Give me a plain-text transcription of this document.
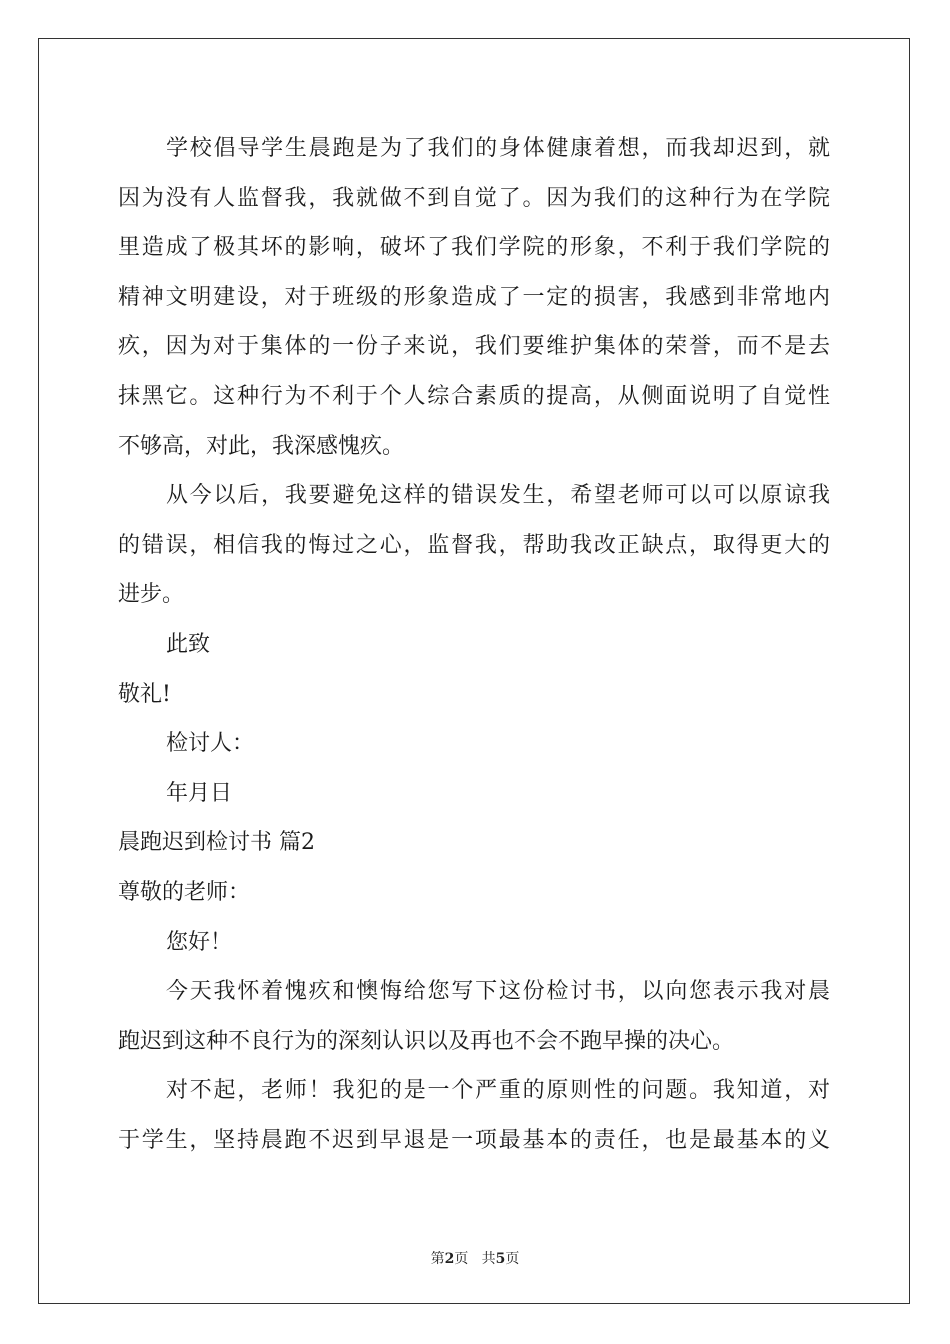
学校倡导学生晨跑是为了我们的身体健康着想，而我却迟到，就
因为没有人监督我，我就做不到自觉了。因为我们的这种行为在学院
里造成了极其坏的影响，破坏了我们学院的形象，不利于我们学院的
精神文明建设，对于班级的形象造成了一定的损害，我感到非常地内
疚，因为对于集体的一份子来说，我们要维护集体的荣誉，而不是去
抹黑它。这种行为不利于个人综合素质的提高，从侧面说明了自觉性
不够高，对此，我深感愧疚。
从今以后，我要避免这样的错误发生，希望老师可以可以原谅我
的错误，相信我的悔过之心，监督我，帮助我改正缺点，取得更大的
进步。
此致
敬礼!
检讨人：
年月日
晨跑迟到检讨书 篇2
尊敬的老师：
您好！
今天我怀着愧疚和懊悔给您写下这份检讨书，以向您表示我对晨
跑迟到这种不良行为的深刻认识以及再也不会不跑早操的决心。
对不起，老师！我犯的是一个严重的原则性的问题。我知道，对
于学生，坚持晨跑不迟到早退是一项最基本的责任，也是最基本的义
第2页 共5页
